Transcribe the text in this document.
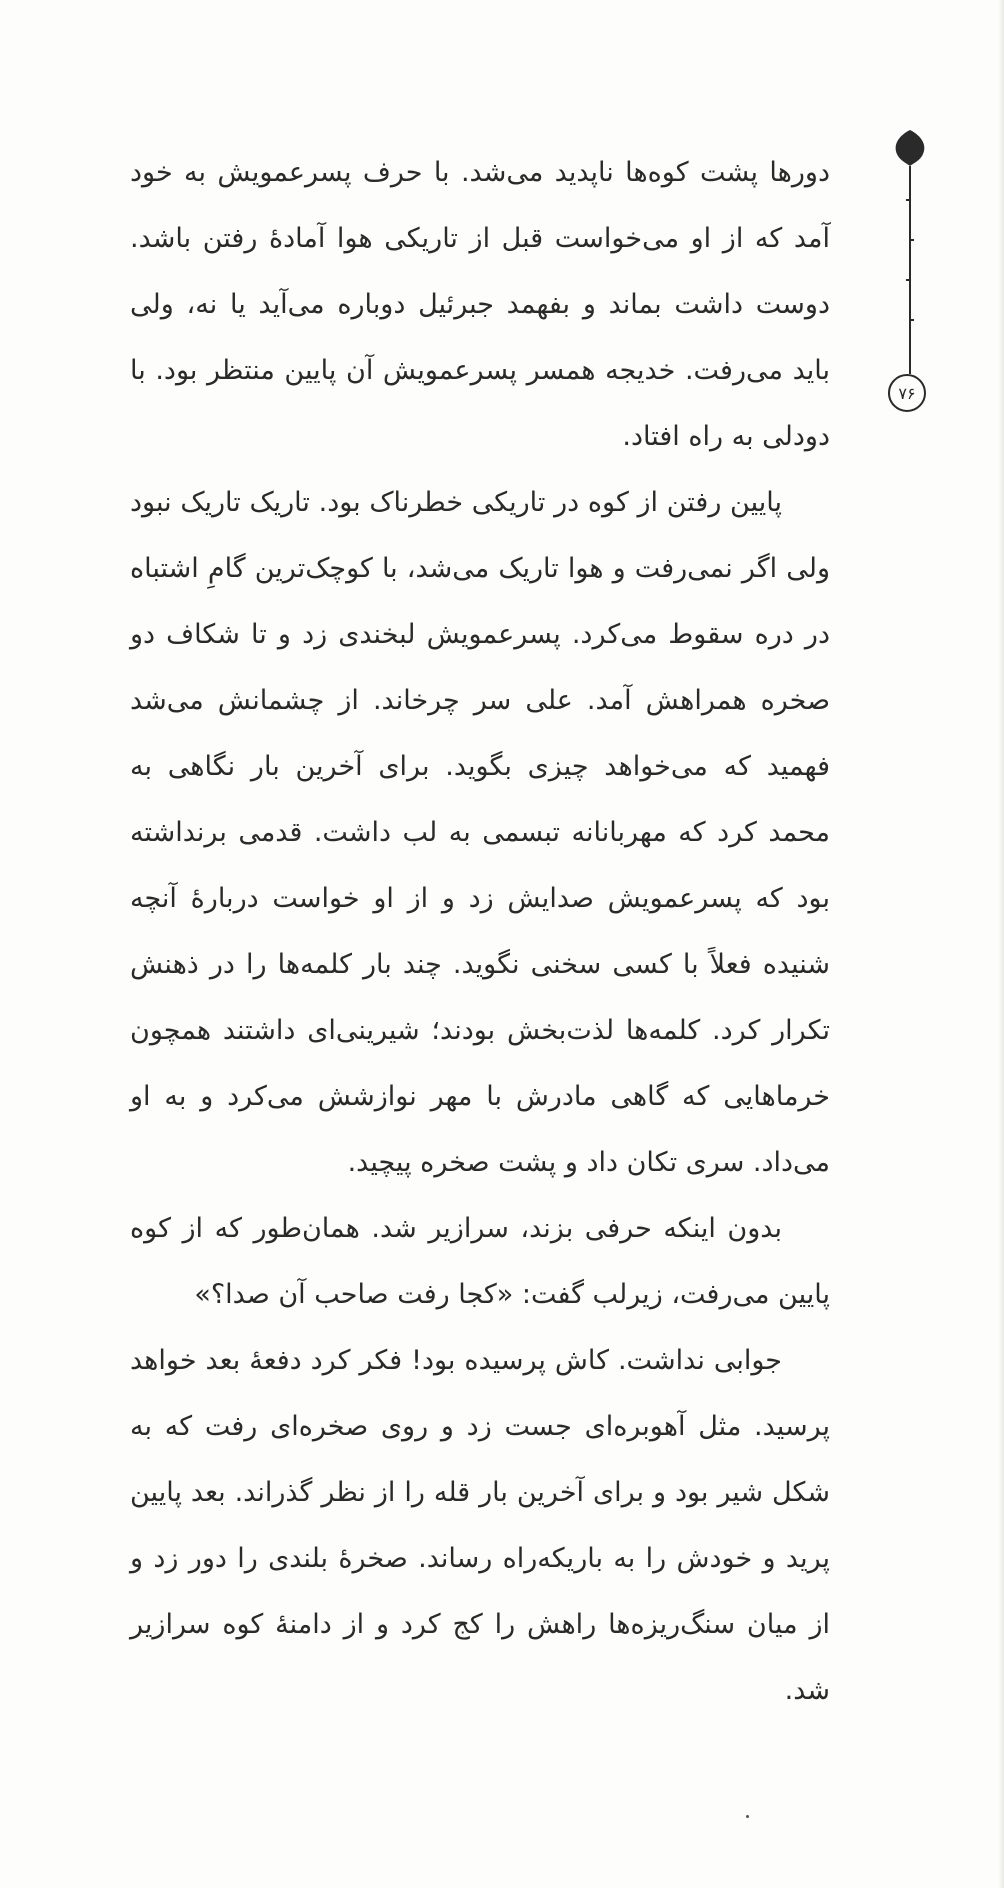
دورها پشت کوه‌ها ناپدید می‌شد. با حرف پسرعمویش به خود آمد که از او می‌خواست قبل از تاریکی هوا آمادهٔ رفتن باشد. دوست داشت بماند و بفهمد جبرئیل دوباره می‌آید یا نه، ولی باید می‌رفت. خدیجه همسر پسرعمویش آن پایین منتظر بود. با دودلی به راه افتاد.

پایین رفتن از کوه در تاریکی خطرناک بود. تاریک تاریک نبود ولی اگر نمی‌رفت و هوا تاریک می‌شد، با کوچک‌ترین گامِ اشتباه در دره سقوط می‌کرد. پسرعمویش لبخندی زد و تا شکاف دو صخره همراهش آمد. علی سر چرخاند. از چشمانش می‌شد فهمید که می‌خواهد چیزی بگوید. برای آخرین بار نگاهی به محمد کرد که مهربانانه تبسمی به لب داشت. قدمی برنداشته بود که پسرعمویش صدایش زد و از او خواست دربارهٔ آنچه شنیده فعلاً با کسی سخنی نگوید. چند بار کلمه‌ها را در ذهنش تکرار کرد. کلمه‌ها لذت‌بخش بودند؛ شیرینی‌ای داشتند همچون خرماهایی که گاهی مادرش با مهر نوازشش می‌کرد و به او می‌داد. سری تکان داد و پشت صخره پیچید.

بدون اینکه حرفی بزند، سرازیر شد. همان‌طور که از کوه پایین می‌رفت، زیرلب گفت: «کجا رفت صاحب آن صدا؟»

جوابی نداشت. کاش پرسیده بود! فکر کرد دفعهٔ بعد خواهد پرسید. مثل آهوبره‌ای جست زد و روی صخره‌ای رفت که به شکل شیر بود و برای آخرین بار قله را از نظر گذراند. بعد پایین پرید و خودش را به باریکه‌راه رساند. صخرهٔ بلندی را دور زد و از میان سنگ‌ریزه‌ها راهش را کج کرد و از دامنهٔ کوه سرازیر شد.

۷۶
